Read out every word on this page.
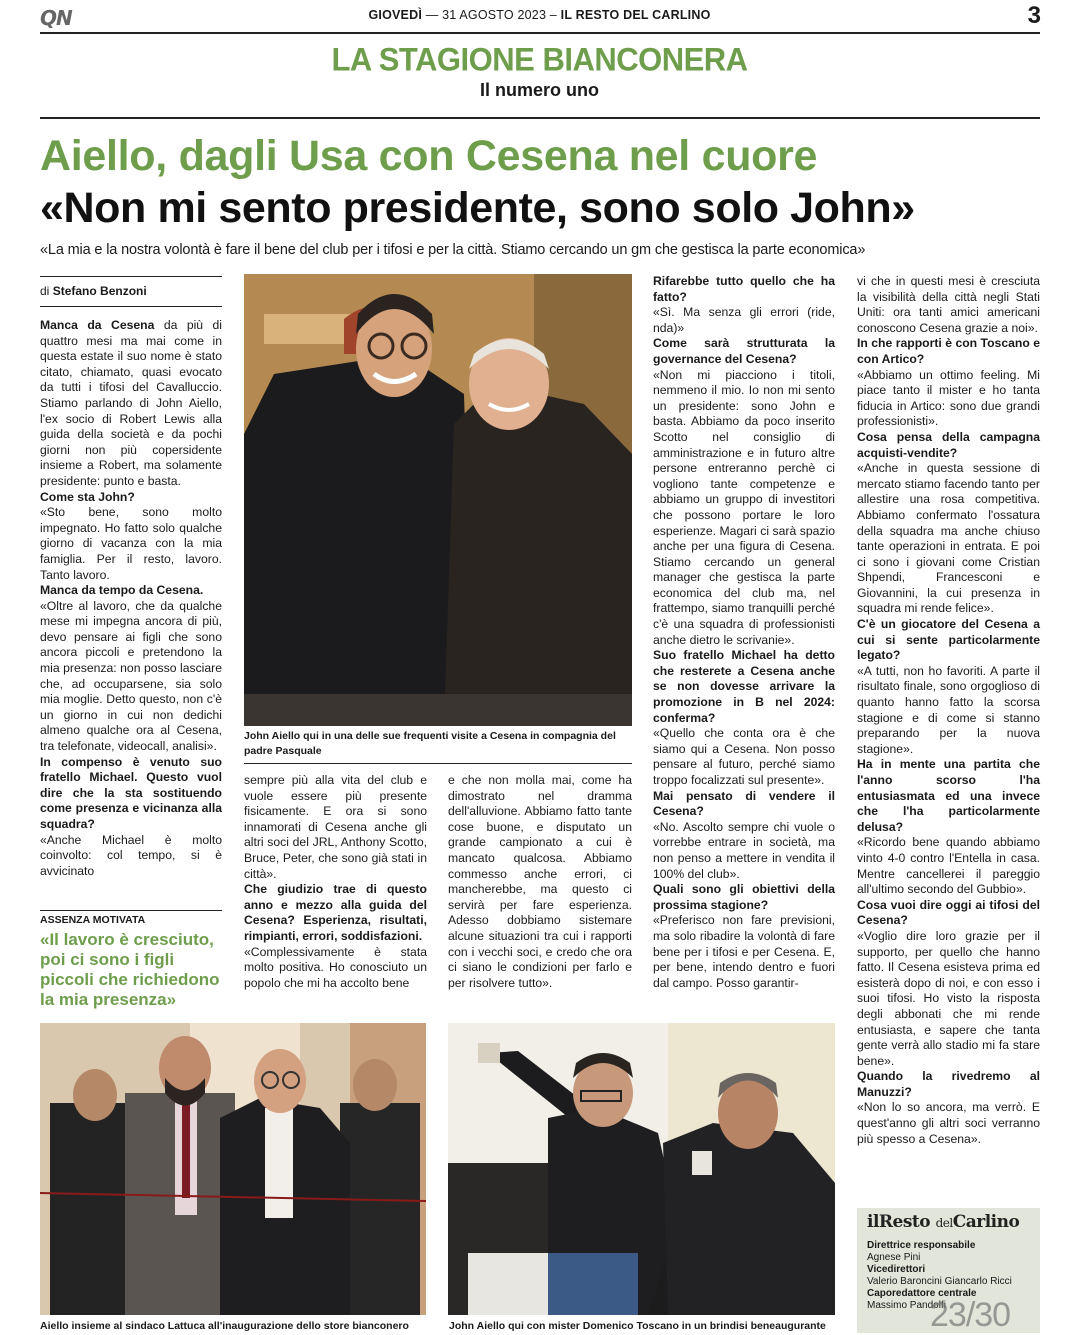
QN	GIOVEDÌ — 31 AGOSTO 2023 – IL RESTO DEL CARLINO	3
LA STAGIONE BIANCONERA
Il numero uno
Aiello, dagli Usa con Cesena nel cuore
«Non mi sento presidente, sono solo John»
«La mia e la nostra volontà è fare il bene del club per i tifosi e per la città. Stiamo cercando un gm che gestisca la parte economica»
di Stefano Benzoni

Manca da Cesena da più di quattro mesi ma mai come in questa estate il suo nome è stato citato, chiamato, quasi evocato da tutti i tifosi del Cavalluccio. Stiamo parlando di John Aiello, l'ex socio di Robert Lewis alla guida della società e da pochi giorni non più copersidente insieme a Robert, ma solamente presidente: punto e basta.

Come sta John?

«Sto bene, sono molto impegnato. Ho fatto solo qualche giorno di vacanza con la mia famiglia. Per il resto, lavoro. Tanto lavoro.

Manca da tempo da Cesena.

«Oltre al lavoro, che da qualche mese mi impegna ancora di più, devo pensare ai figli che sono ancora piccoli e pretendono la mia presenza: non posso lasciare che, ad occuparsene, sia solo mia moglie. Detto questo, non c'è un giorno in cui non dedichi almeno qualche ora al Cesena, tra telefonate, videocall, analisi».

In compenso è venuto suo fratello Michael. Questo vuol dire che la sta sostituendo come presenza e vicinanza alla squadra?

«Anche Michael è molto coinvolto: col tempo, si è avvicinato

ASSENZA MOTIVATA
«Il lavoro è cresciuto, poi ci sono i figli piccoli che richiedono la mia presenza»
John Aiello qui in una delle sue frequenti visite a Cesena in compagnia del padre Pasquale

sempre più alla vita del club e vuole essere più presente fisicamente. E ora si sono innamorati di Cesena anche gli altri soci del JRL, Anthony Scotto, Bruce, Peter, che sono già stati in città».

Che giudizio trae di questo anno e mezzo alla guida del Cesena? Esperienza, risultati, rimpianti, errori, soddisfazioni.

«Complessivamente è stata molto positiva. Ho conosciuto un popolo che mi ha accolto bene

e che non molla mai, come ha dimostrato nel dramma dell'alluvione. Abbiamo fatto tante cose buone, e disputato un grande campionato a cui è mancato qualcosa. Abbiamo commesso anche errori, ci mancherebbe, ma questo ci servirà per fare esperienza. Adesso dobbiamo sistemare alcune situazioni tra cui i rapporti con i vecchi soci, e credo che ora ci siano le condizioni per farlo e per risolvere tutto».

Rifarebbe tutto quello che ha fatto?

«Sì. Ma senza gli errori (ride, nda)»

Come sarà strutturata la governance del Cesena?

«Non mi piacciono i titoli, nemmeno il mio. Io non mi sento un presidente: sono John e basta. Abbiamo da poco inserito Scotto nel consiglio di amministrazione e in futuro altre persone entreranno perchè ci vogliono tante competenze e abbiamo un gruppo di investitori che possono portare le loro esperienze. Magari ci sarà spazio anche per una figura di Cesena. Stiamo cercando un general manager che gestisca la parte economica del club ma, nel frattempo, siamo tranquilli perché c'è una squadra di professionisti anche dietro le scrivanie».

Suo fratello Michael ha detto che resterete a Cesena anche se non dovesse arrivare la promozione in B nel 2024: conferma?

«Quello che conta ora è che siamo qui a Cesena. Non posso pensare al futuro, perché siamo troppo focalizzati sul presente».

Mai pensato di vendere il Cesena?

«No. Ascolto sempre chi vuole o vorrebbe entrare in società, ma non penso a mettere in vendita il 100% del club».

Quali sono gli obiettivi della prossima stagione?

«Preferisco non fare previsioni, ma solo ribadire la volontà di fare bene per i tifosi e per Cesena. E, per bene, intendo dentro e fuori dal campo. Posso garantir-

vi che in questi mesi è cresciuta la visibilità della città negli Stati Uniti: ora tanti amici americani conoscono Cesena grazie a noi».

In che rapporti è con Toscano e con Artico?

«Abbiamo un ottimo feeling. Mi piace tanto il mister e ho tanta fiducia in Artico: sono due grandi professionisti».

Cosa pensa della campagna acquisti-vendite?

«Anche in questa sessione di mercato stiamo facendo tanto per allestire una rosa competitiva. Abbiamo confermato l'ossatura della squadra ma anche chiuso tante operazioni in entrata. E poi ci sono i giovani come Cristian Shpendi, Francesconi e Giovannini, la cui presenza in squadra mi rende felice».

C'è un giocatore del Cesena a cui si sente particolarmente legato?

«A tutti, non ho favoriti. A parte il risultato finale, sono orgoglioso di quanto hanno fatto la scorsa stagione e di come si stanno preparando per la nuova stagione».

Ha in mente una partita che l'anno scorso l'ha entusiasmata ed una invece che l'ha particolarmente delusa?

«Ricordo bene quando abbiamo vinto 4-0 contro l'Entella in casa. Mentre cancellerei il pareggio all'ultimo secondo del Gubbio».

Cosa vuoi dire oggi ai tifosi del Cesena?

«Voglio dire loro grazie per il supporto, per quello che hanno fatto. Il Cesena esisteva prima ed esisterà dopo di noi, e con esso i suoi tifosi. Ho visto la risposta degli abbonati che mi rende entusiasta, e sapere che tanta gente verrà allo stadio mi fa stare bene».

Quando la rivedremo al Manuzzi?

«Non lo so ancora, ma verrò. E quest'anno gli altri soci verranno più spesso a Cesena».

Aiello insieme al sindaco Lattuca all'inaugurazione dello store bianconero	John Aiello qui con mister Domenico Toscano in un brindisi beneaugurante
ilResto delCarlino
Direttrice responsabile
Agnese Pini
Vicedirettori
Valerio Baroncini Giancarlo Ricci
Caporedattore centrale
Massimo Pandolfi
23/30
